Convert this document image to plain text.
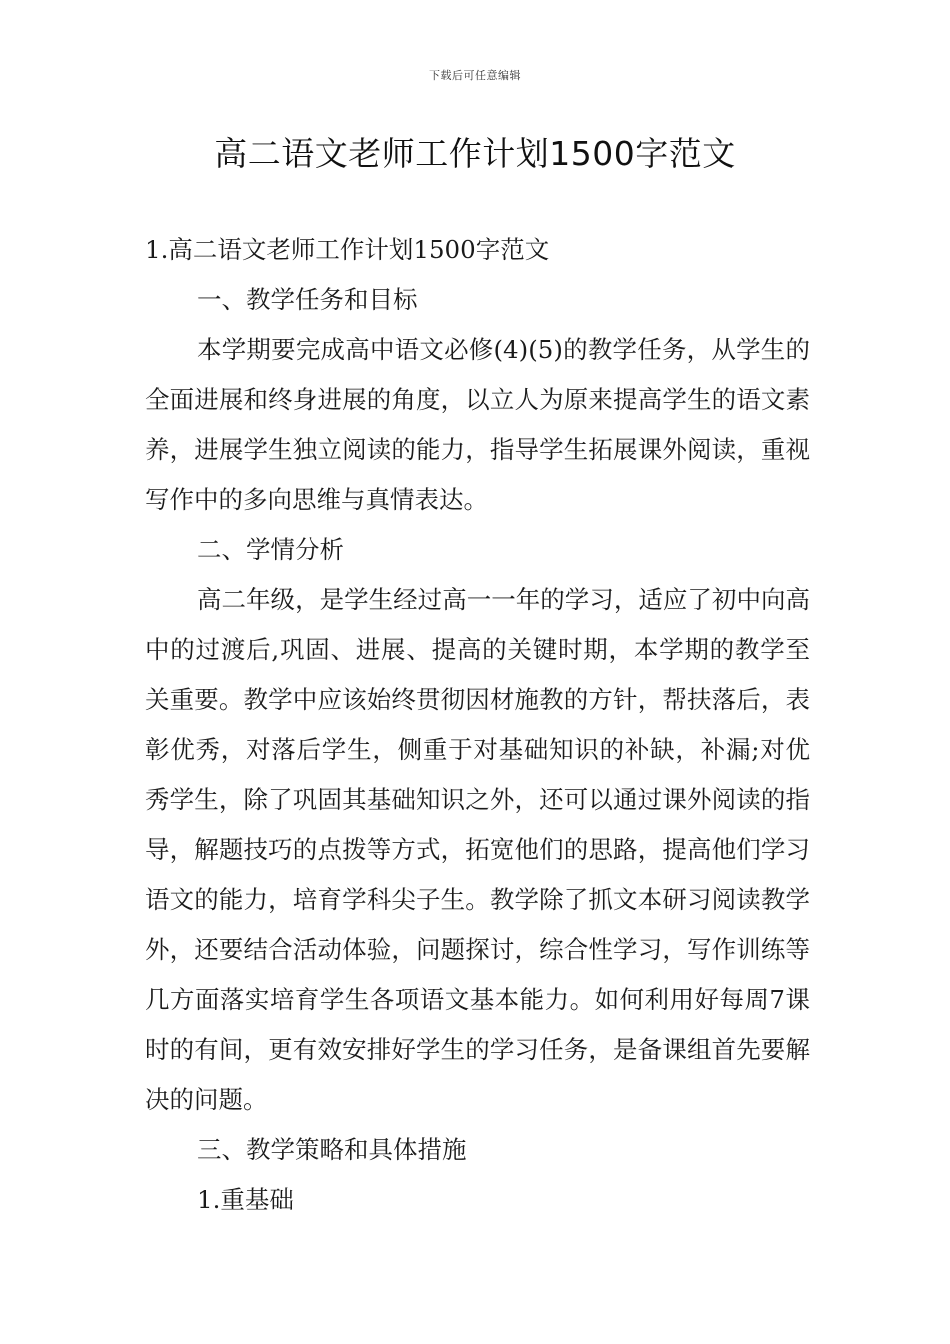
下载后可任意编辑
高二语文老师工作计划1500字范文

1.高二语文老师工作计划1500字范文

一、教学任务和目标

本学期要完成高中语文必修(4)(5)的教学任务，从学生的全面进展和终身进展的角度，以立人为原来提高学生的语文素养，进展学生独立阅读的能力，指导学生拓展课外阅读，重视写作中的多向思维与真情表达。

二、学情分析

高二年级，是学生经过高一一年的学习，适应了初中向高中的过渡后,巩固、进展、提高的关键时期，本学期的教学至关重要。教学中应该始终贯彻因材施教的方针，帮扶落后，表彰优秀，对落后学生，侧重于对基础知识的补缺，补漏;对优秀学生，除了巩固其基础知识之外，还可以通过课外阅读的指导，解题技巧的点拨等方式，拓宽他们的思路，提高他们学习语文的能力，培育学科尖子生。教学除了抓文本研习阅读教学外，还要结合活动体验，问题探讨，综合性学习，写作训练等几方面落实培育学生各项语文基本能力。如何利用好每周7课时的有间，更有效安排好学生的学习任务，是备课组首先要解决的问题。

三、教学策略和具体措施

1.重基础
